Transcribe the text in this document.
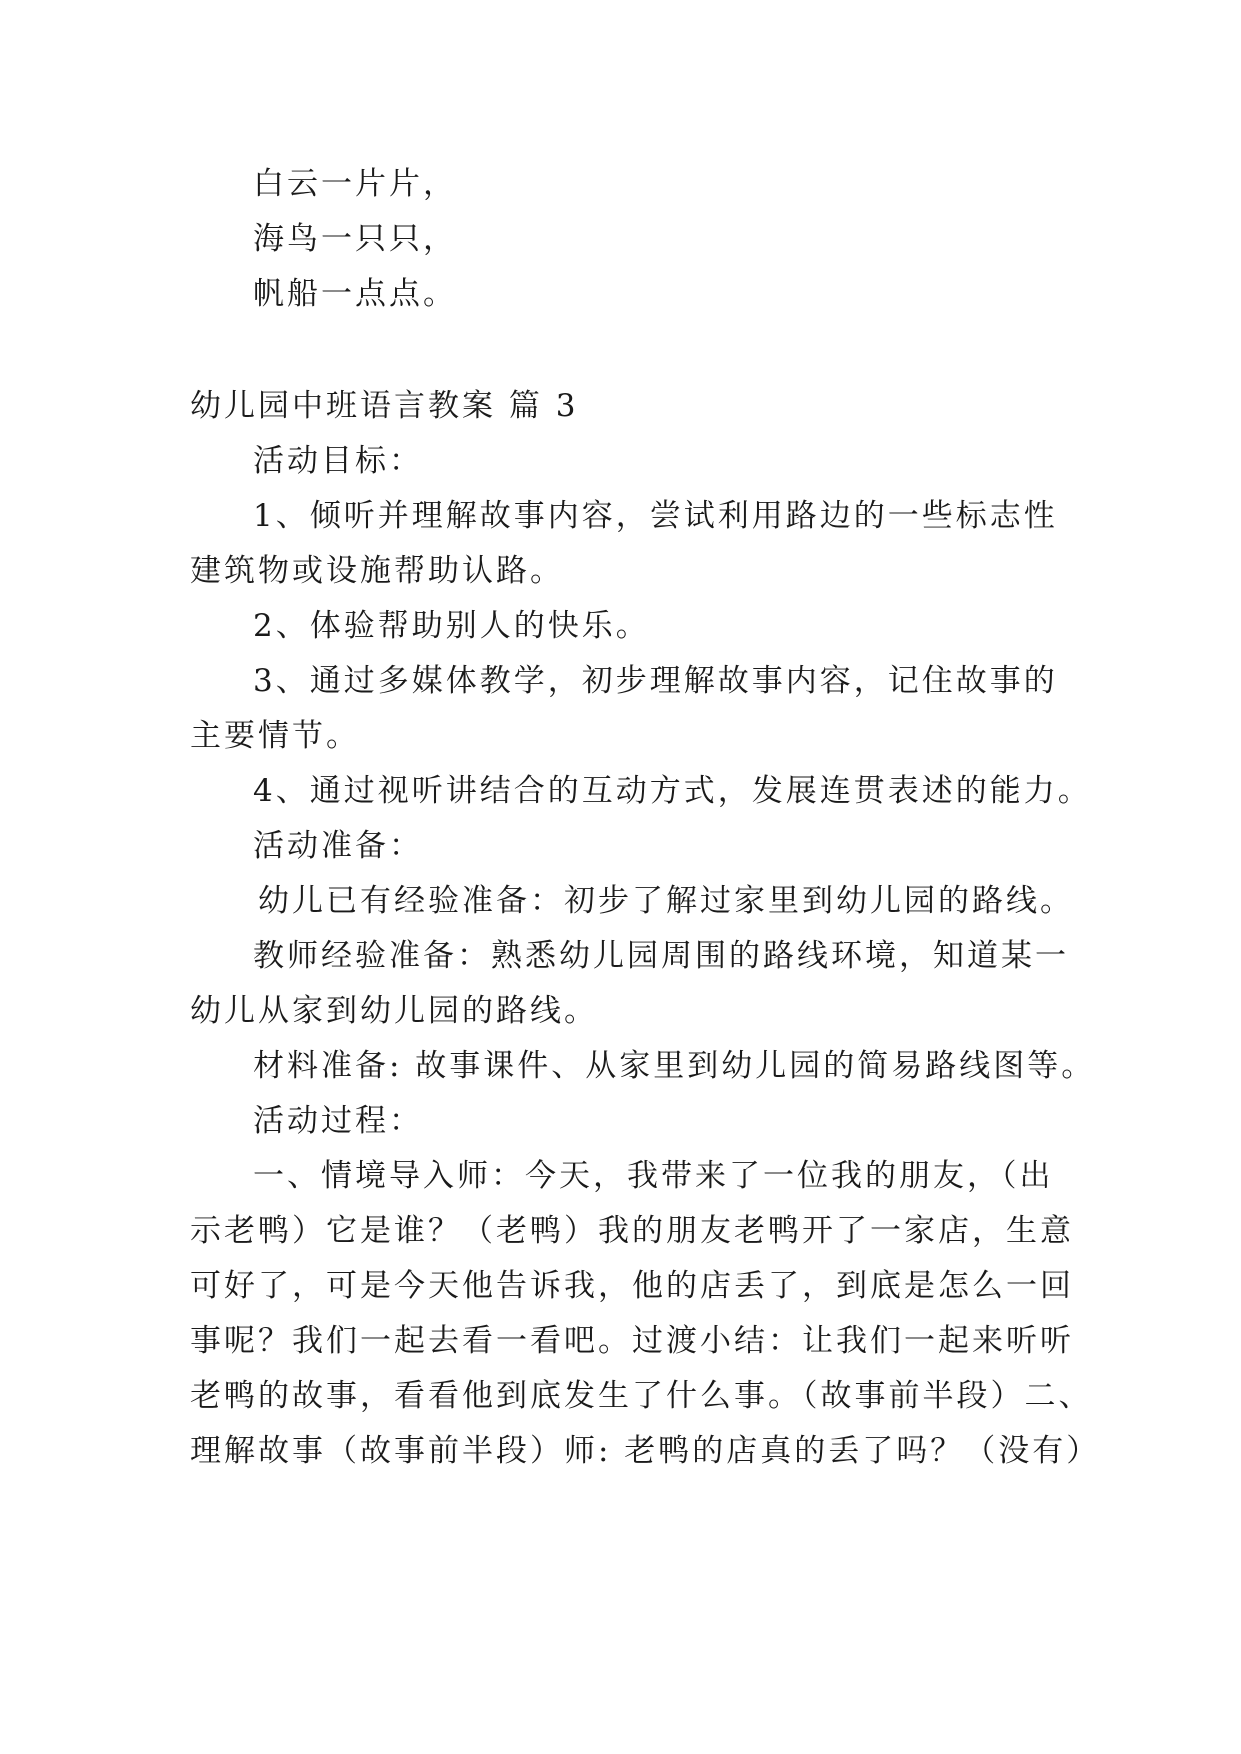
白云一片片，
海鸟一只只，
帆船一点点。
幼儿园中班语言教案 篇 3
活动目标：
1、倾听并理解故事内容，尝试利用路边的一些标志性
建筑物或设施帮助认路。
2、体验帮助别人的快乐。
3、通过多媒体教学，初步理解故事内容，记住故事的
主要情节。
4、通过视听讲结合的互动方式，发展连贯表述的能力。
活动准备：
幼儿已有经验准备：初步了解过家里到幼儿园的路线。
教师经验准备：熟悉幼儿园周围的路线环境，知道某一
幼儿从家到幼儿园的路线。
材料准备: 故事课件、从家里到幼儿园的简易路线图等。
活动过程：
一、情境导入师：今天，我带来了一位我的朋友，（出
示老鸭）它是谁？（老鸭）我的朋友老鸭开了一家店，生意
可好了，可是今天他告诉我，他的店丢了，到底是怎么一回
事呢？我们一起去看一看吧。过渡小结：让我们一起来听听
老鸭的故事，看看他到底发生了什么事。（故事前半段）二、
理解故事（故事前半段）师: 老鸭的店真的丢了吗？（没有）
